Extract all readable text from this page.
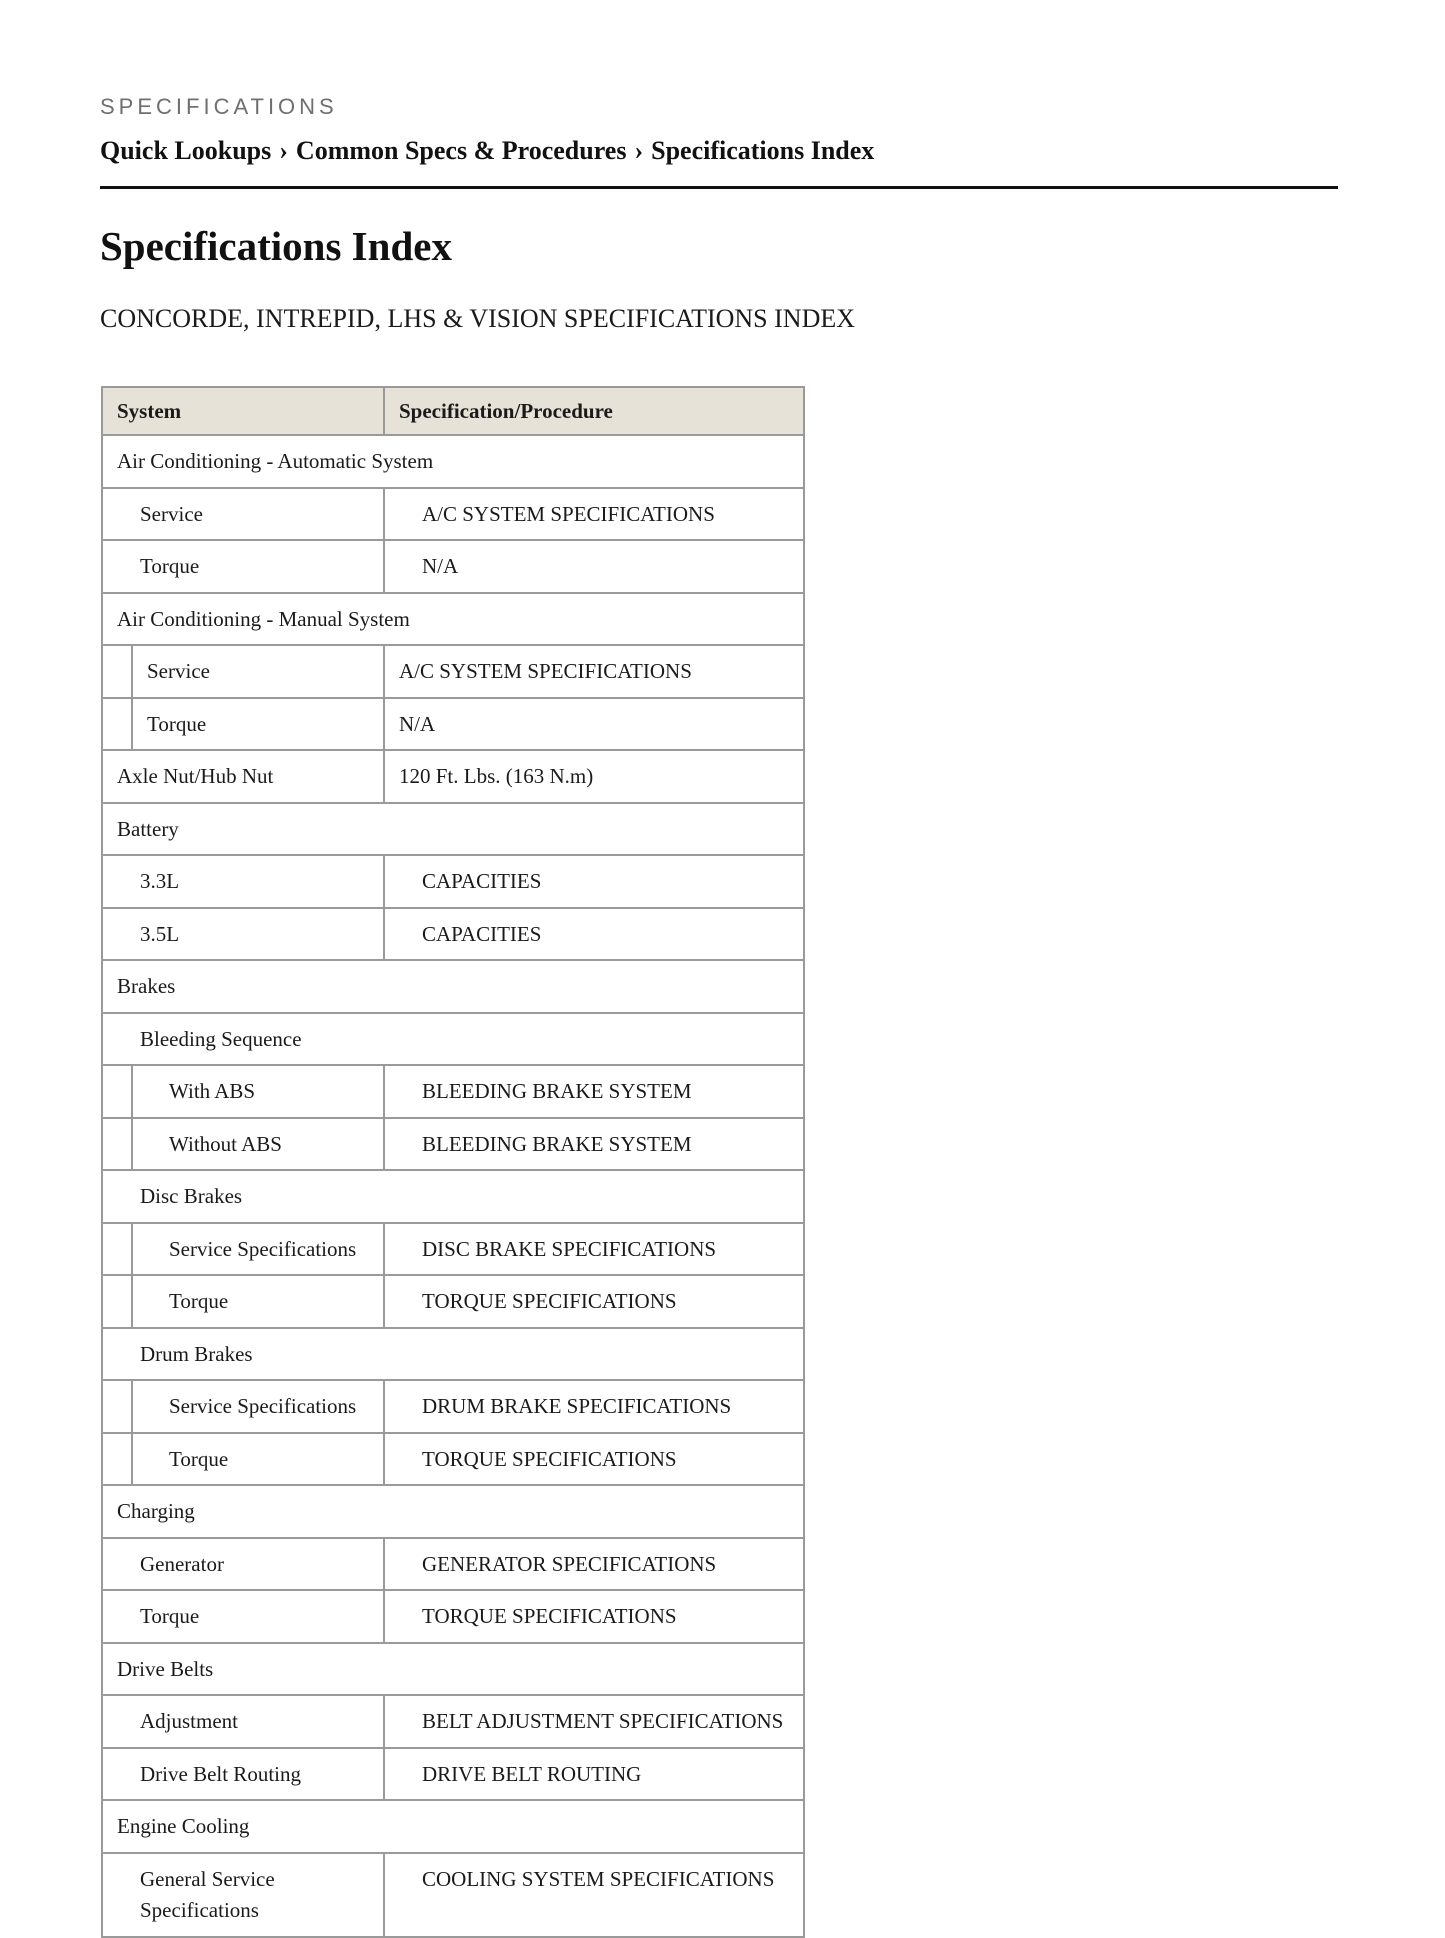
SPECIFICATIONS
Quick Lookups › Common Specs & Procedures › Specifications Index
Specifications Index
CONCORDE, INTREPID, LHS & VISION SPECIFICATIONS INDEX
System	Specification/Procedure

Air Conditioning - Automatic System	

Service	A/C SYSTEM SPECIFICATIONS

Torque	N/A

Air Conditioning - Manual System	

Service	A/C SYSTEM SPECIFICATIONS

Torque	N/A

Axle Nut/Hub Nut	120 Ft. Lbs. (163 N.m)

Battery	

3.3L	CAPACITIES

3.5L	CAPACITIES

Brakes	

Bleeding Sequence	

With ABS	BLEEDING BRAKE SYSTEM

Without ABS	BLEEDING BRAKE SYSTEM

Disc Brakes	

Service Specifications	DISC BRAKE SPECIFICATIONS

Torque	TORQUE SPECIFICATIONS

Drum Brakes	

Service Specifications	DRUM BRAKE SPECIFICATIONS

Torque	TORQUE SPECIFICATIONS

Charging	

Generator	GENERATOR SPECIFICATIONS

Torque	TORQUE SPECIFICATIONS

Drive Belts	

Adjustment	BELT ADJUSTMENT SPECIFICATIONS

Drive Belt Routing	DRIVE BELT ROUTING

Engine Cooling	

General Service Specifications	COOLING SYSTEM SPECIFICATIONS
